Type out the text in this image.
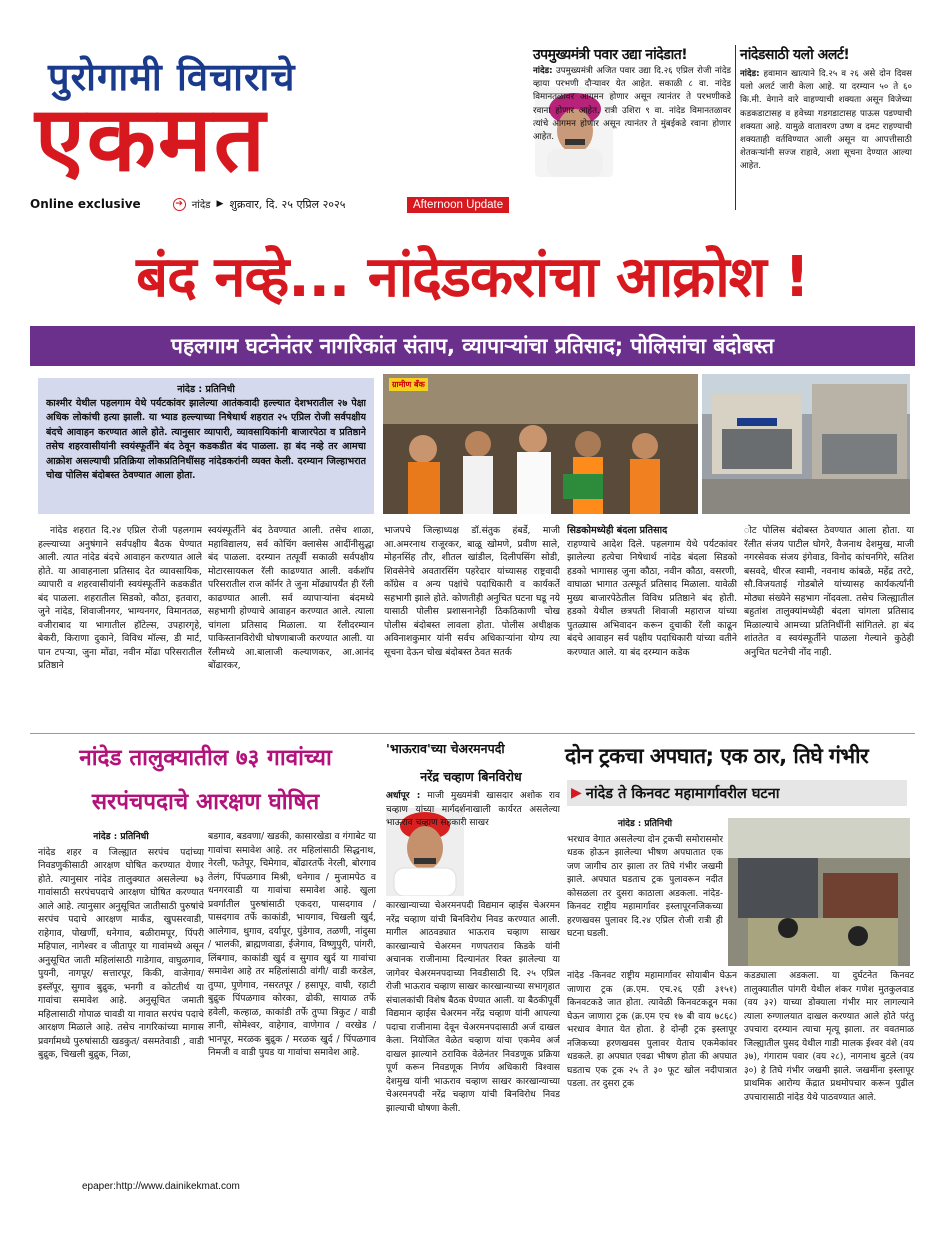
पुरोगामी विचाराचे
एकमत
Online exclusive	➔ नांदेड ▶ शुक्रवार, दि. २५ एप्रिल २०२५	Afternoon Update
उपमुख्यमंत्री पवार उद्या नांदेडात!
नांदेड: उपमुख्यमंत्री अजित पवार उद्या दि.२६ एप्रिल रोजी नांदेड व्हाया परभणी दौऱ्यावर येत आहेत. सकाळी ८ वा. नांदेड विमानतळावर आगमन होणार असून त्यानंतर ते परभणीकडे रवाना होणार आहेत. रात्री उशिरा ९ वा. नांदेड विमानतळावर त्यांचे आगमन होणार असून त्यानंतर ते मुंबईकडे रवाना होणार आहेत.
नांदेडसाठी यलो अलर्ट!
नांदेड: हवामान खात्याने दि.२५ व २६ असे दोन दिवस यलो अलर्ट जारी केला आहे. या दरम्यान ५० ते ६० कि.मी. वेगाने वारे वाहण्याची शक्यता असून विजेच्या कडकडाटासह व हवेच्या गडगडाटासह पाऊस पडण्याची शक्यता आहे. यामुळे वातावरण उष्ण व दमट राहण्याची शक्यताही वर्तविण्यात आली असून या आपत्तीसाठी शेतकऱ्यांनी सज्ज राहावे, अशा सूचना देण्यात आल्या आहेत.
बंद नव्हे... नांदेडकरांचा आक्रोश !
पहलगाम घटनेनंतर नागरिकांत संताप, व्यापाऱ्यांचा प्रतिसाद; पोलिसांचा बंदोबस्त
नांदेड : प्रतिनिधी
काश्मीर येथील पहलगाम येथे पर्यटकांवर झालेल्या आतंकवादी हल्ल्यात देशभरातील २७ पेक्षा अधिक लोकांची हत्या झाली. या भ्याड हल्ल्याच्या निषेधार्थ शहरात २५ एप्रिल रोजी सर्वपक्षीय बंदचे आवाहन करण्यात आले होते. त्यानुसार व्यापारी, व्यावसायिकांनी बाजारपेठा व प्रतिष्ठाने तसेच शहरवासीयांनी स्वयंस्फूर्तीने बंद ठेवून कडकडीत बंद पाळला. हा बंद नव्हे तर आमचा आक्रोश असल्याची प्रतिक्रिया लोकप्रतिनिधींसह नांदेडकरांनी व्यक्त केली. दरम्यान जिल्हाभरात चोख पोलिस बंदोबस्त ठेवण्यात आला होता.
ग्रामीण बँक
नांदेड शहरात दि.२४ एप्रिल रोजी पहलगाम हल्ल्याच्या अनुषंगाने सर्वपक्षीय बैठक घेण्यात आली. त्यात नांदेड बंदचे आवाहन करण्यात आले होते. या आवाहनाला प्रतिसाद देत व्यावसायिक, व्यापारी व शहरवासीयांनी स्वयंस्फूर्तीने कडकडीत बंद पाळला. शहरातील सिडको, कौठा, इतवारा, जुने नांदेड, शिवाजीनगर, भाग्यनगर, विमानतळ, वजीराबाद या भागातील हॉटेल्स, उपहारगृहे, बेकरी, किराणा दुकाने, विविध मॉल्स, डी मार्ट, पान टपऱ्या, जुना मोंढा, नवीन मोंढा परिसरातील प्रतिष्ठाने
स्वयंस्फूर्तीने बंद ठेवण्यात आली. तसेच शाळा, महाविद्यालय, सर्व कोचिंग क्लासेस आदींनीसुद्धा बंद पाळला. दरम्यान तत्पूर्वी सकाळी सर्वपक्षीय मोटारसायकल रॅली काढण्यात आली. वर्कशॉप परिसरातील राज कॉर्नर ते जुना मोंढ्यापर्यंत ही रॅली काढण्यात आली. सर्व व्यापाऱ्यांना बंदमध्ये सहभागी होण्याचे आवाहन करण्यात आले. त्याला चांगला प्रतिसाद मिळाला. या रॅलीदरम्यान पाकिस्तानविरोधी घोषणाबाजी करण्यात आली. या रॅलीमध्ये आ.बालाजी कल्याणकर, आ.आनंद बोंढारकर,
भाजपचे जिल्हाध्यक्ष डॉ.संतुक हंबर्डे, माजी आ.अमरनाथ राजूरकर, बाळू खोमणे, प्रवीण साले, मोहनसिंह तौर, शीतल खांडील, दिलीपसिंग सोडी, शिवसेनेचे अवतारसिंग पहरेदार यांच्यासह राष्ट्रवादी काँग्रेस व अन्य पक्षांचे पदाधिकारी व कार्यकर्ते सहभागी झाले होते. कोणतीही अनुचित घटना घडू नये यासाठी पोलीस प्रशासनानेही ठिकठिकाणी चोख पोलीस बंदोबस्त लावला होता. पोलीस अधीक्षक अविनाशकुमार यांनी सर्वच अधिकाऱ्यांना योग्य त्या सूचना देऊन चोख बंदोबस्त ठेवत सतर्क
सिडकोमध्येही बंदला प्रतिसाद
राहण्याचे आदेश दिले. पहलगाम येथे पर्यटकांवर झालेल्या हत्येचा निषेधार्थ नांदेड बंदला सिडको हडको भागासह जुना कौठा, नवीन कौठा, वसरणी, वाघाळा भागात उत्स्फूर्त प्रतिसाद मिळाला. यावेळी मुख्य बाजारपेठेतील विविध प्रतिष्ठाने बंद होती. हडको येथील छत्रपती शिवाजी महाराज यांच्या पुतळ्यास अभिवादन करून दुचाकी रॅली काढून बंदचे आवाहन सर्व पक्षीय पदाधिकारी यांच्या वतीने करण्यात आले. या बंद दरम्यान कडेक
ोट पोलिस बंदोबस्त ठेवण्यात आला होता. या रॅलीत संजय पाटील घोगरे, वैजनाथ देशमुख, माजी नगरसेवक संजय इंगेवाड, विनोद कांचनगिरे, सतिश बसवदे, धीरज स्वामी, नवनाथ कांबळे, महेंद्र तरटे, सौ.विजयताई गोडबोले यांच्यासह कार्यकर्त्यांनी मोठ्या संख्येने सहभाग नोंदवला. तसेच जिल्ह्यातील बहुतांश तालुक्यांमध्येही बंदला चांगला प्रतिसाद मिळाल्याचे आमच्या प्रतिनिधींनी सांगितले. हा बंद शांततेत व स्वयंस्फूर्तीने पाळला गेल्याने कुठेही अनुचित घटनेची नोंद नाही.
नांदेड तालुक्यातील ७३ गावांच्या
सरपंचपदाचे आरक्षण घोषित
नांदेड : प्रतिनिधी
नांदेड शहर व जिल्ह्यात सरपंच पदांच्या निवडणुकीसाठी आरक्षण घोषित करण्यात येणार होते. त्यानुसार नांदेड तालुक्यात असलेल्या ७३ गावांसाठी सरपंचपदाचे आरक्षण घोषित करण्यात आले आहे. त्यानुसार अनुसूचित जातीसाठी पुरुषांचे सरपंच पदाचे आरक्षण मार्कंड, खुपसरवाडी, राहेगाव, पोखर्णी, धनेगाव, बळीरामपूर, पिंपरी महिपाल, नागेश्वर व जीतापूर या गावांमध्ये असून अनुसूचित जाती महिलांसाठी गाडेगाव, वाघुळगाव, पुयनी, नागपूर/ सत्तारपूर, किकी, वाजेगाव/ इस्लॅपूर, सुगाव बुद्रुक, भनगी व कोटतीर्थ या गावांचा समावेश आहे. अनुसूचित जमाती महिलासाठी गोपाळ चावडी या गावात सरपंच पदाचे आरक्षण मिळाले आहे. तसेच नागरिकांच्या मागास प्रवर्गामध्ये पुरुषांसाठी खडकुत/ वसमतेवाडी , वाडी बुद्रुक, चिखली बुद्रुक, निळा,
बडगाव, बडवणा/ खडकी, कासारखेडा व गंगाबेट या गावांचा समावेश आहे. तर महिलांसाठी सिद्धनाथ, नेरली, फतेपूर, चिमेगाव, बोंढारतर्फे नेरली, बोरगाव तेलंग, पिंपळगाव मिश्री, धनेगाव / मुजामपेठ व धनगरवाडी या गावांचा समावेश आहे. खुला प्रवर्गातील पुरुषांसाठी एकदरा, पासदगाव / पासदगाव तर्फे काकांडी, भायगाव, चिखली खुर्द, आलेगाव, थुगाव, दर्यापूर, पुंडेगाव, तळणी, नांदुसा / भालकी, ब्राह्मणवाडा, ईजेगाव, विष्णुपुरी, पांगरी, लिंबगाव, काकांडी खुर्द व सुगाव खुर्द या गावांचा समावेश आहे तर महिलांसाठी वांगी/ वाडी करडेल, तुप्पा, पुणेगाव, नसरतपूर / हसापूर, वाघी, रहाटी बुद्रुक पिंपळगाव कोरका, ढोकी, सायाळ तर्फे हवेली, कल्हाळ, काकांडी तर्फे तुप्पा त्रिकुट / वाडी ज्ञानी, सोमेश्वर, वाहेगाव, वाणेगाव / वरखेड / भानपूर, मरळक बुद्रुक / मरळक खुर्द / पिंपळगाव निमजी व वाडी पुयड या गावांचा समावेश आहे.
'भाऊराव'च्या चेअरमनपदी
नरेंद्र चव्हाण बिनविरोध
अर्धापूर : माजी मुख्यमंत्री खासदार अशोक राव चव्हाण यांच्या मार्गदर्शनाखाली कार्यरत असलेल्या भाऊराव चव्हाण सहकारी साखर
कारखान्याच्या चेअरमनपदी विद्यमान व्हाईस चेअरमन नरेंद्र चव्हाण यांची बिनविरोध निवड करण्यात आली. मागील आठवड्यात भाऊराव चव्हाण साखर कारखान्याचे चेअरमन गणपतराव किडके यांनी अचानक राजीनामा दिल्यानंतर रिक्त झालेल्या या जागेवर चेअरमनपदाच्या निवडीसाठी दि. २५ एप्रिल रोजी भाऊराव चव्हाण साखर कारखान्याच्या सभागृहात संचालकांची विशेष बैठक घेण्यात आली. या बैठकीपूर्वी विद्यमान व्हाईस चेअरमन नरेंद्र चव्हाण यांनी आपल्या पदाचा राजीनामा देवून चेअरमनपदासाठी अर्ज दाखल केला. नियोजित वेळेत चव्हाण यांचा एकमेव अर्ज दाखल झाल्याने ठराविक वेळेनंतर निवडणूक प्रक्रिया पूर्ण करून निवडणूक निर्णय अधिकारी विश्वास देशमुख यांनी भाऊराव चव्हाण साखर कारखान्याच्या चेअरमनपदी नरेंद्र चव्हाण यांची बिनविरोध निवड झाल्याची घोषणा केली.
दोन ट्रकचा अपघात; एक ठार, तिघे गंभीर
▶ नांदेड ते किनवट महामार्गावरील घटना
नांदेड : प्रतिनिधी
भरधाव वेगात असलेल्या दोन ट्रकची समोरासमोर धडक होऊन झालेल्या भीषण अपघातात एक जण जागीच ठार झाला तर तिघे गंभीर जखमी झाले. अपघात घडताच ट्रक पुलावरून नदीत कोसळला तर दुसरा काठाला अडकला. नांदेड-किनवट राष्ट्रीय महामार्गावर इस्लापूरनजिकच्या हरणखवस पुलावर दि.२४ एप्रिल रोजी रात्री ही घटना घडली.
नांदेड -किनवट राष्ट्रीय महामार्गावर सोयाबीन घेऊन जाणारा ट्रक (क्र.एम. एच.२६ एडी ३१५१) किनवटकडे जात होता. त्यावेळी किनवटकडून मका घेऊन जाणारा ट्रक (क्र.एम एच १७ बी वाय ७८६८) भरधाव वेगात येत होता. हे दोन्ही ट्रक इस्लापूर नजिकच्या हरणखवस पुलावर येताच एकमेकांवर धडकले. हा अपघात एवढा भीषण होता की अपघात घडताच एक ट्रक २५ ते ३० फूट खोल नदीपात्रात पडला. तर दुसरा ट्रक
कडड्याला अडकला. या दुर्घटनेत किनवट तालुक्यातील पांगरी येथील शंकर गणेश मुतकुलवाड (वय ३२) याच्या डोक्याला गंभीर मार लागल्याने त्याला रुग्णालयात दाखल करण्यात आले होते परंतु उपचारा दरम्यान त्याचा मृत्यू झाला. तर ववतमाळ जिल्ह्यातील पुसद येथील गाडी मालक ईश्वर वंशे (वय ३७), गंगाराम पवार (वय २८), नागनाथ बुटले (वय ३०) हे तिघे गंभीर जखमी झाले. जखमींना इस्लापूर प्राथमिक आरोग्य केंद्रात प्रथमोपचार करून पुढील उपचारासाठी नांदेड येथे पाठवण्यात आले.
epaper:http://www.dainikekmat.com
